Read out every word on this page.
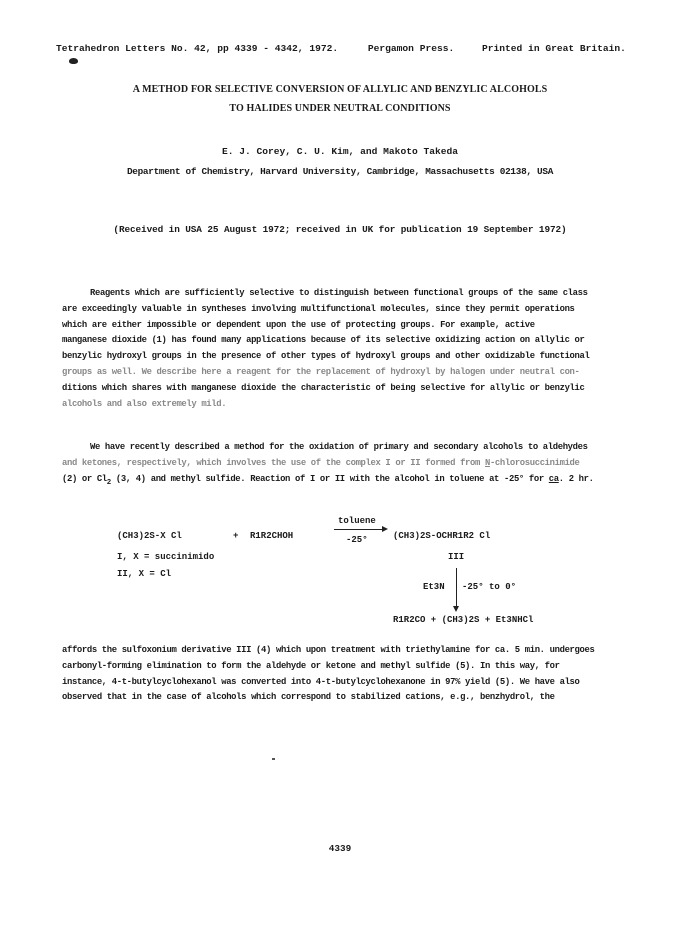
Tetrahedron Letters No. 42, pp 4339 - 4342, 1972.	Pergamon Press.	Printed in Great Britain.
A METHOD FOR SELECTIVE CONVERSION OF ALLYLIC AND BENZYLIC ALCOHOLS
TO HALIDES UNDER NEUTRAL CONDITIONS
E. J. Corey, C. U. Kim, and Makoto Takeda
Department of Chemistry, Harvard University, Cambridge, Massachusetts 02138, USA
(Received in USA 25 August 1972; received in UK for publication 19 September 1972)

Reagents which are sufficiently selective to distinguish between functional groups of the same class

are exceedingly valuable in syntheses involving multifunctional molecules, since they permit operations

which are either impossible or dependent upon the use of protecting groups. For example, active

manganese dioxide (1) has found many applications because of its selective oxidizing action on allylic or

benzylic hydroxyl groups in the presence of other types of hydroxyl groups and other oxidizable functional

groups as well. We describe here a reagent for the replacement of hydroxyl by halogen under neutral con-

ditions which shares with manganese dioxide the characteristic of being selective for allylic or benzylic

alcohols and also extremely mild.

We have recently described a method for the oxidation of primary and secondary alcohols to aldehydes

and ketones, respectively, which involves the use of the complex I or II formed from N-chlorosuccinimide

(2) or $Cl_2$ (3, 4) and methyl sulfide. Reaction of I or II with the alcohol in toluene at -25° for ca. 2 hr.

(CH3)2S-X Cl	+ R1R2CHOH
toluene
-25°	(CH3)2S-OCHR1R2 Cl
I, X = succinimido
II, X = Cl
III
Et3N -25° to 0°
R1R2CO + (CH3)2S + Et3NHCl

affords the sulfoxonium derivative III (4) which upon treatment with triethylamine for ca. 5 min. undergoes

carbonyl-forming elimination to form the aldehyde or ketone and methyl sulfide (5). In this way, for

instance, 4-t-butylcyclohexanol was converted into 4-t-butylcyclohexanone in 97% yield (5). We have also

observed that in the case of alcohols which correspond to stabilized cations, e.g., benzhydrol, the

4339
